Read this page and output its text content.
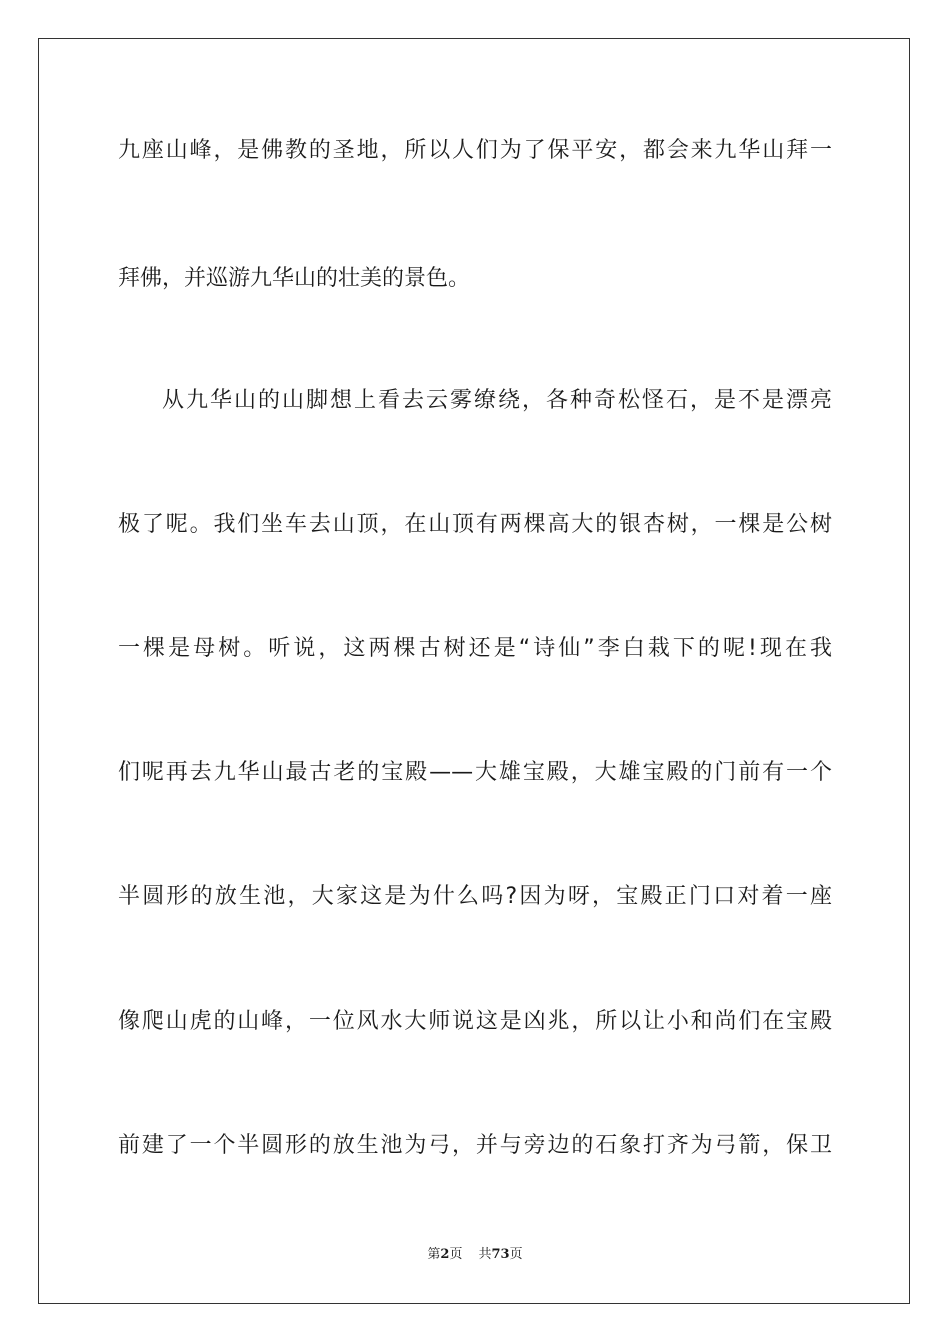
九座山峰，是佛教的圣地，所以人们为了保平安，都会来九华山拜一
拜佛，并巡游九华山的壮美的景色。
从九华山的山脚想上看去云雾缭绕，各种奇松怪石，是不是漂亮
极了呢。我们坐车去山顶，在山顶有两棵高大的银杏树，一棵是公树
一棵是母树。听说，这两棵古树还是“诗仙”李白栽下的呢!现在我
们呢再去九华山最古老的宝殿——大雄宝殿，大雄宝殿的门前有一个
半圆形的放生池，大家这是为什么吗?因为呀，宝殿正门口对着一座
像爬山虎的山峰，一位风水大师说这是凶兆，所以让小和尚们在宝殿
前建了一个半圆形的放生池为弓，并与旁边的石象打齐为弓箭，保卫
第2页 共73页
